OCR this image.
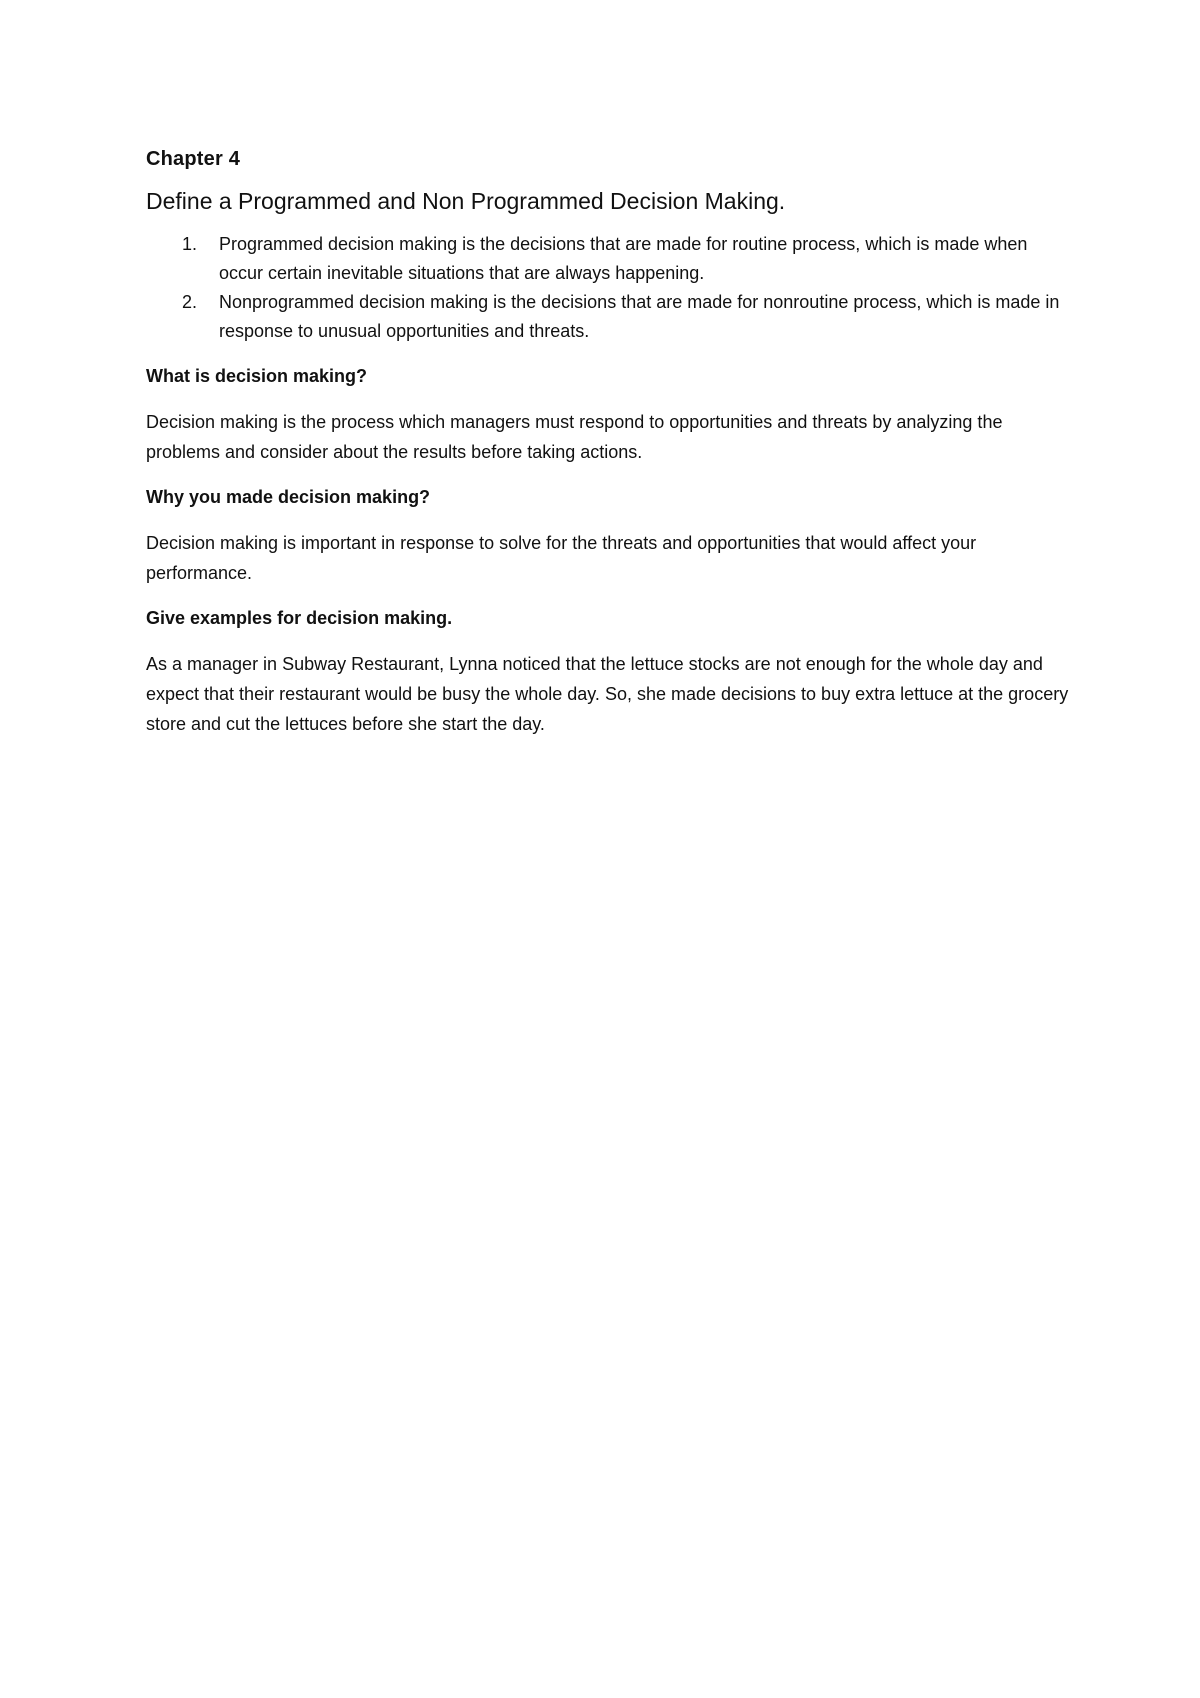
Chapter 4

Define a Programmed and Non Programmed Decision Making.

1. Programmed decision making is the decisions that are made for routine process, which is made when occur certain inevitable situations that are always happening.
2. Nonprogrammed decision making is the decisions that are made for nonroutine process, which is made in response to unusual opportunities and threats.

What is decision making?

Decision making is the process which managers must respond to opportunities and threats by analyzing the problems and consider about the results before taking actions.

Why you made decision making?

Decision making is important in response to solve for the threats and opportunities that would affect your performance.

Give examples for decision making.

As a manager in Subway Restaurant, Lynna noticed that the lettuce stocks are not enough for the whole day and expect that their restaurant would be busy the whole day. So, she made decisions to buy extra lettuce at the grocery store and cut the lettuces before she start the day.
